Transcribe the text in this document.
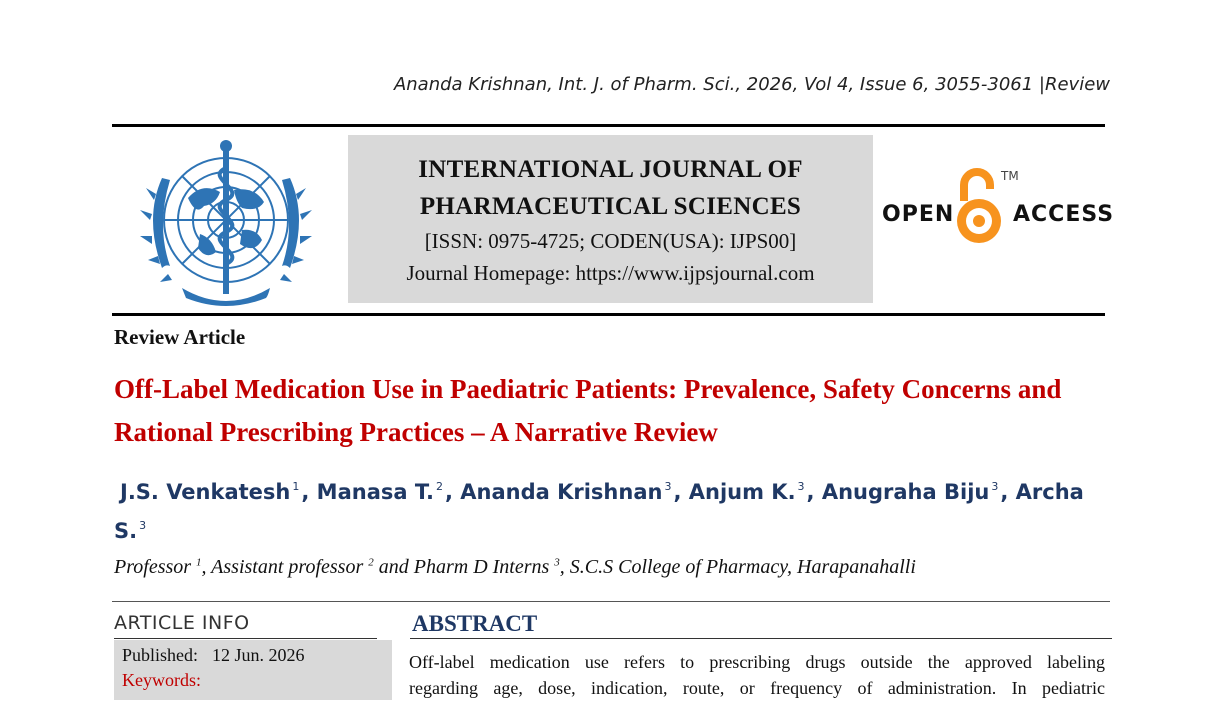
Ananda Krishnan, Int. J. of Pharm. Sci., 2026, Vol 4, Issue 6, 3055-3061 |Review
INTERNATIONAL JOURNAL OF
PHARMACEUTICAL SCIENCES
[ISSN: 0975-4725; CODEN(USA): IJPS00]
Journal Homepage: https://www.ijpsjournal.com
OPEN
TM
ACCESS
Review Article
Off-Label Medication Use in Paediatric Patients: Prevalence, Safety Concerns and Rational Prescribing Practices – A Narrative Review
J.S. Venkatesh $^1$, Manasa T. $^2$, Ananda Krishnan $^3$, Anjum K. $^3$, Anugraha Biju $^3$, Archa S. $^3$
Professor $^1$, Assistant professor $^2$ and Pharm D Interns $^3$, S.C.S College of Pharmacy, Harapanahalli
ARTICLE INFO
Published: 12 Jun. 2026
Keywords:
ABSTRACT
Off-label medication use refers to prescribing drugs outside the approved labeling
regarding age, dose, indication, route, or frequency of administration. In pediatric
